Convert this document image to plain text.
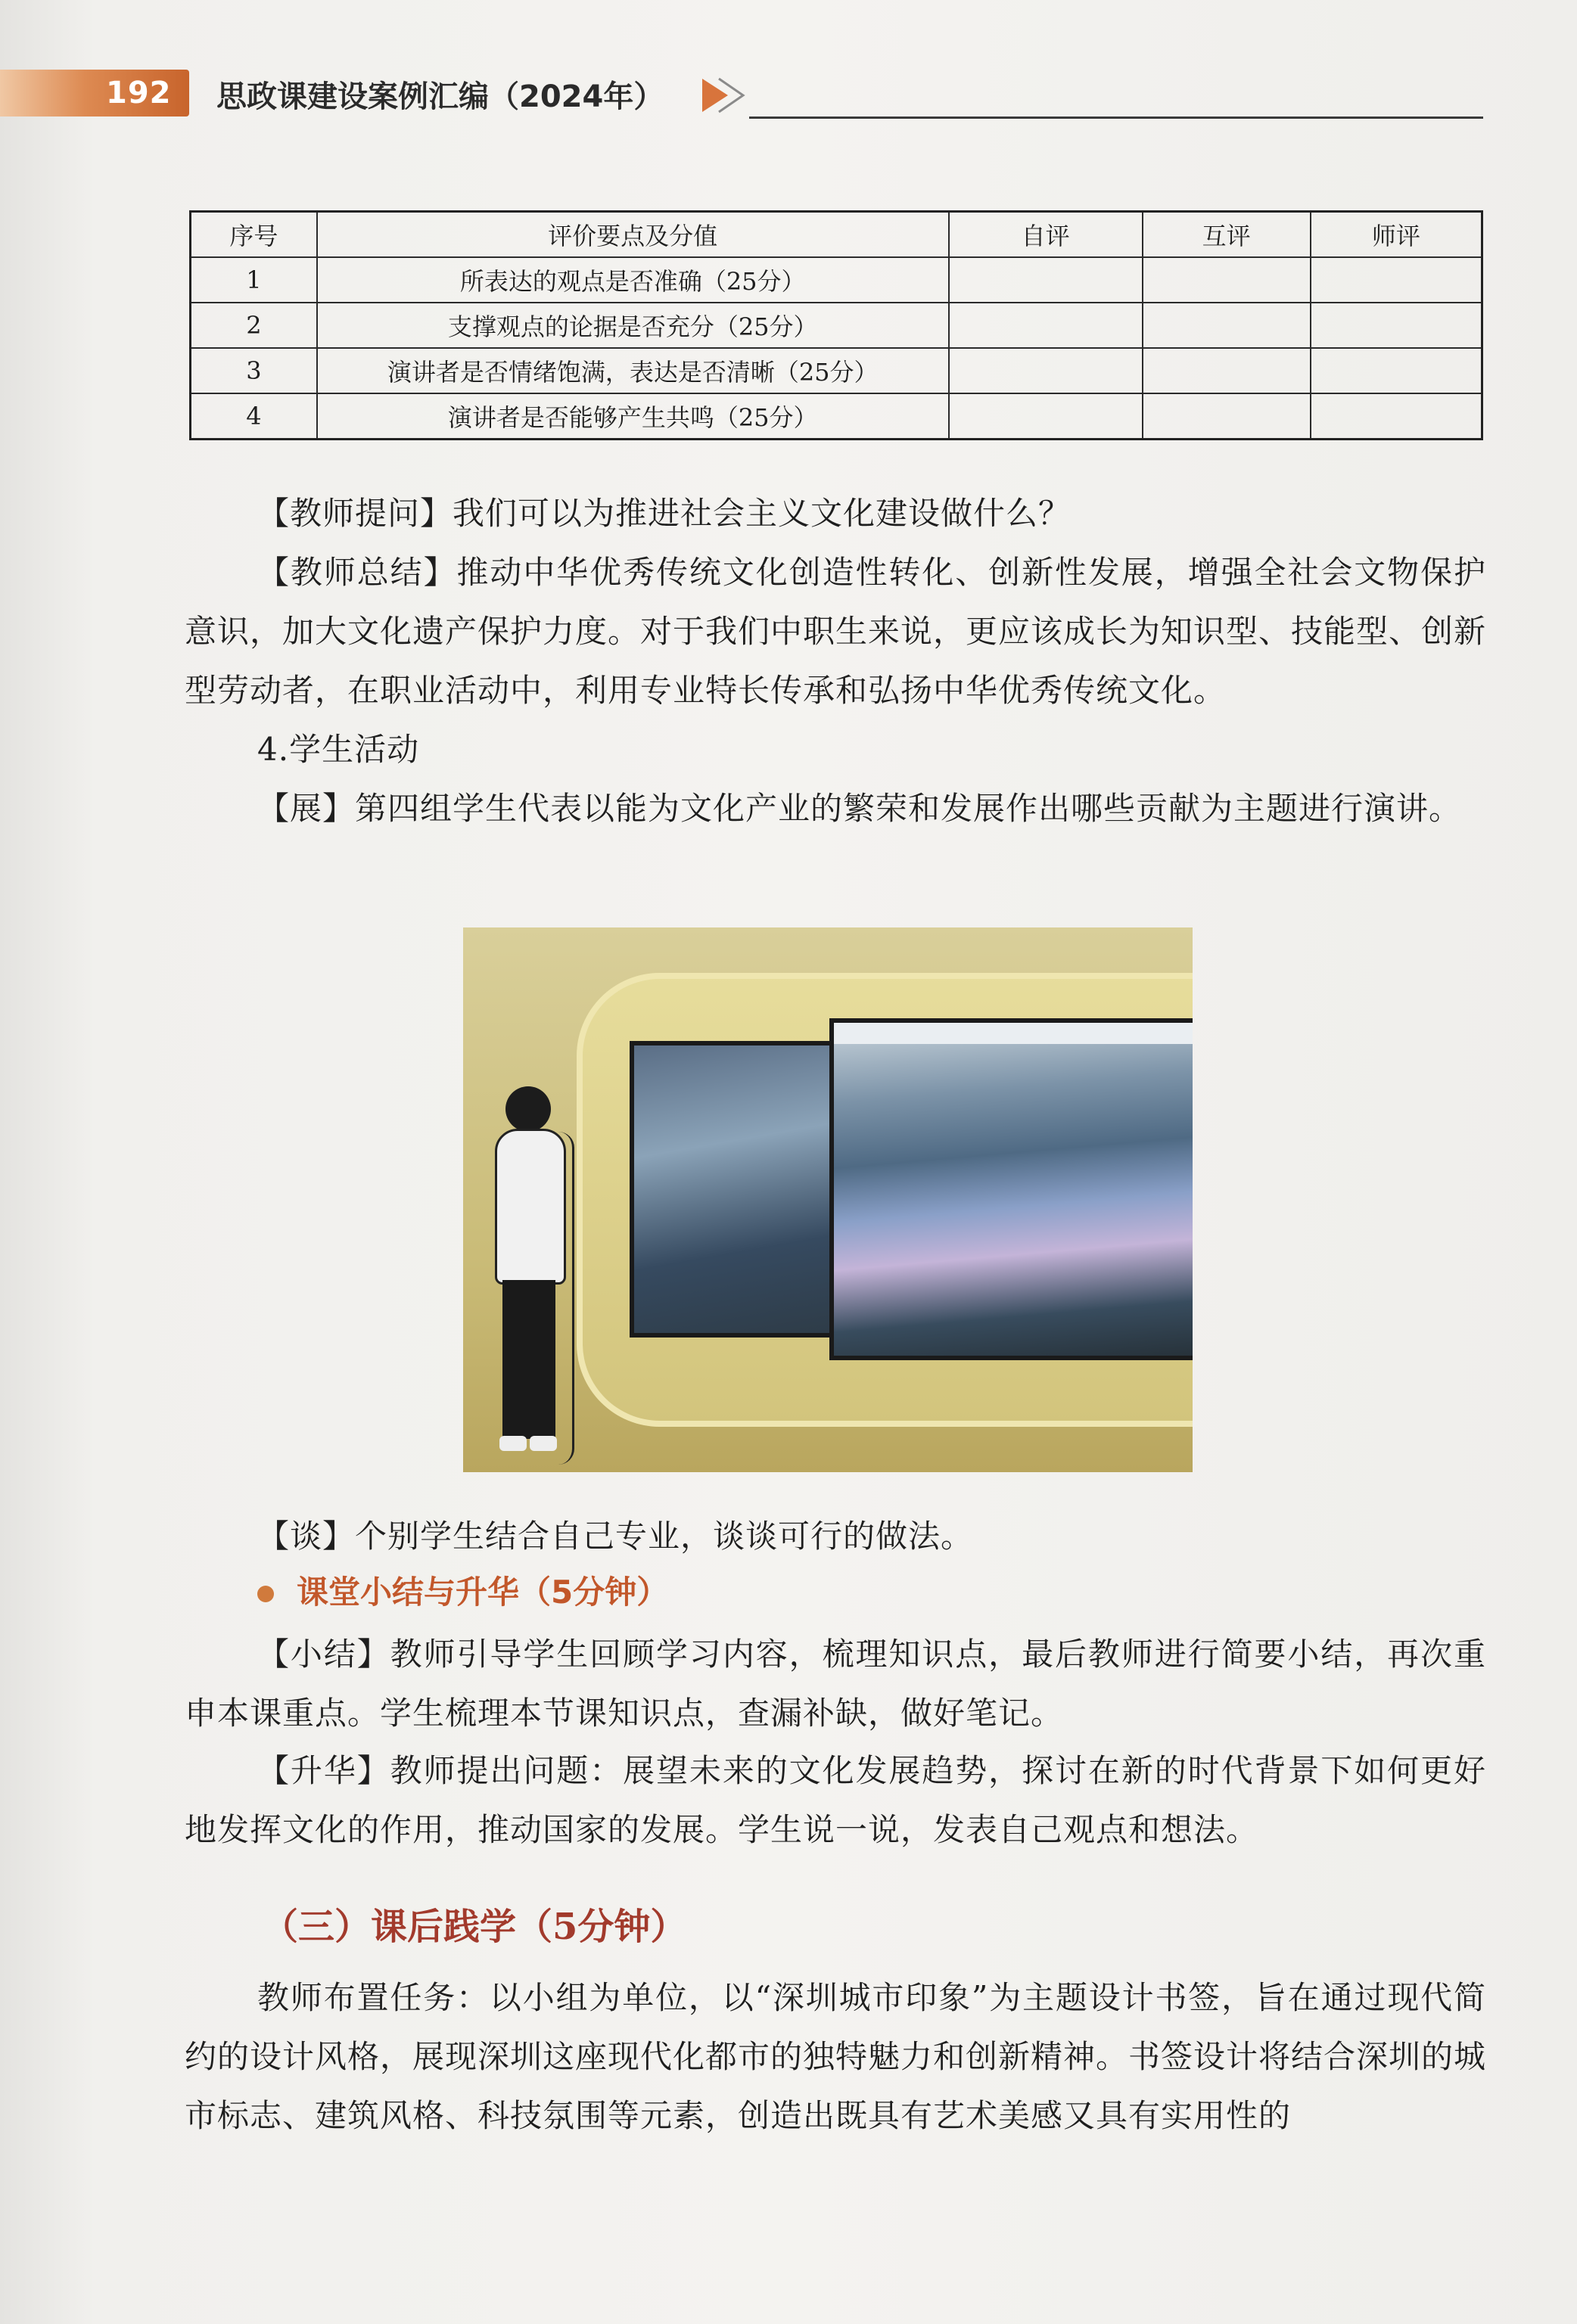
192 思政课建设案例汇编（2024年）
序号	评价要点及分值	自评	互评	师评
1	所表达的观点是否准确（25分）			
2	支撑观点的论据是否充分（25分）			
3	演讲者是否情绪饱满，表达是否清晰（25分）			
4	演讲者是否能够产生共鸣（25分）			
【教师提问】我们可以为推进社会主义文化建设做什么？
【教师总结】推动中华优秀传统文化创造性转化、创新性发展，增强全社会文物保护意识，加大文化遗产保护力度。对于我们中职生来说，更应该成长为知识型、技能型、创新型劳动者，在职业活动中，利用专业特长传承和弘扬中华优秀传统文化。
4.学生活动
【展】第四组学生代表以能为文化产业的繁荣和发展作出哪些贡献为主题进行演讲。
【谈】个别学生结合自己专业，谈谈可行的做法。
课堂小结与升华（5分钟）
【小结】教师引导学生回顾学习内容，梳理知识点，最后教师进行简要小结，再次重申本课重点。学生梳理本节课知识点，查漏补缺，做好笔记。
【升华】教师提出问题：展望未来的文化发展趋势，探讨在新的时代背景下如何更好地发挥文化的作用，推动国家的发展。学生说一说，发表自己观点和想法。
（三）课后践学（5分钟）
教师布置任务：以小组为单位，以“深圳城市印象”为主题设计书签，旨在通过现代简约的设计风格，展现深圳这座现代化都市的独特魅力和创新精神。书签设计将结合深圳的城市标志、建筑风格、科技氛围等元素，创造出既具有艺术美感又具有实用性的
